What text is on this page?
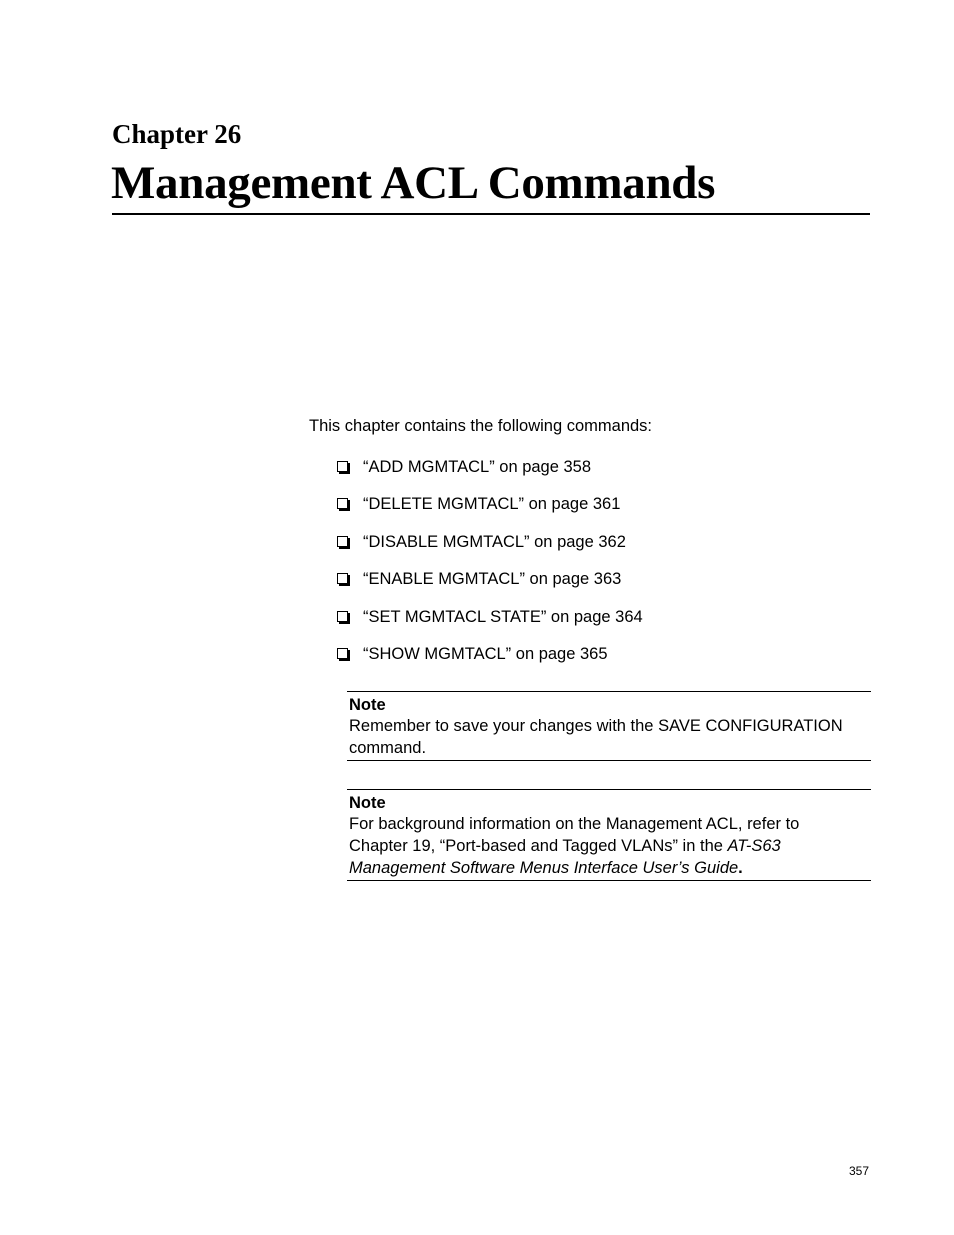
Chapter 26
Management ACL Commands

This chapter contains the following commands:

“ADD MGMTACL” on page 358
“DELETE MGMTACL” on page 361
“DISABLE MGMTACL” on page 362
“ENABLE MGMTACL” on page 363
“SET MGMTACL STATE” on page 364
“SHOW MGMTACL” on page 365
Note
Remember to save your changes with the SAVE CONFIGURATION
command.
Note
For background information on the Management ACL, refer to
Chapter 19, “Port-based and Tagged VLANs” in the AT-S63
Management Software Menus Interface User’s Guide.

357
